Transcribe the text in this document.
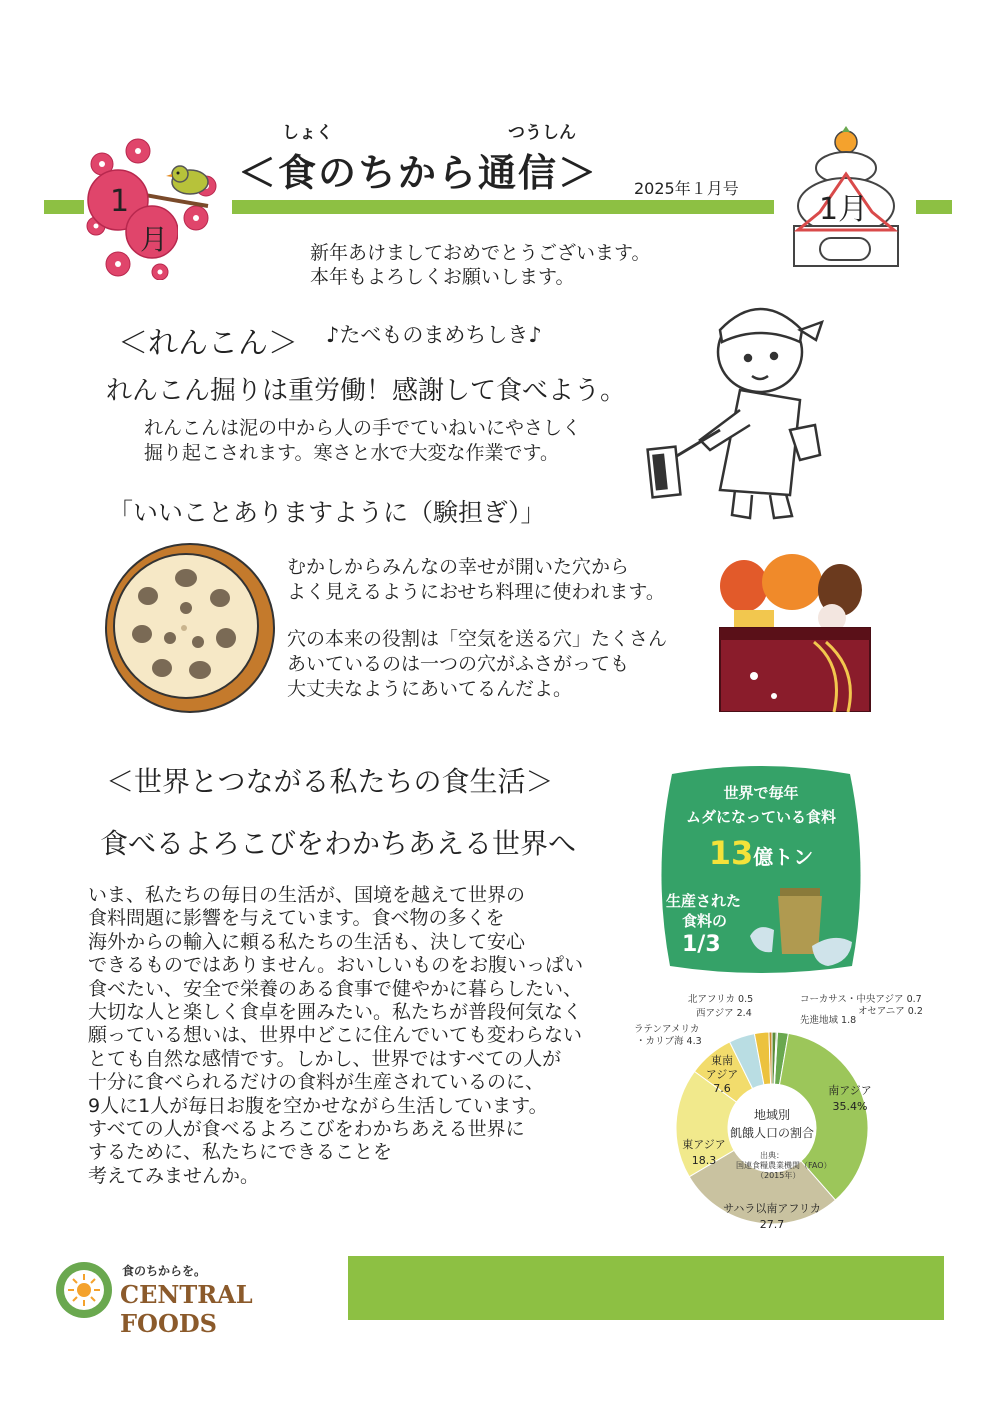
1
月
しょく	つうしん
＜食のちから通信＞ 2025年１月号
1月
新年あけましておめでとうございます。
本年もよろしくお願いします。
＜れんこん＞ ♪たべものまめちしき♪
れんこん掘りは重労働！感謝して食べよう。
れんこんは泥の中から人の手でていねいにやさしく
掘り起こされます。寒さと水で大変な作業です。
「いいことありますように（験担ぎ）」
むかしからみんなの幸せが開いた穴から
よく見えるようにおせち料理に使われます。
穴の本来の役割は「空気を送る穴」たくさん
あいているのは一つの穴がふさがっても
大丈夫なようにあいてるんだよ。
＜世界とつながる私たちの食生活＞
食べるよろこびをわかちあえる世界へ
いま、私たちの毎日の生活が、国境を越えて世界の
食料問題に影響を与えています。食べ物の多くを
海外からの輸入に頼る私たちの生活も、決して安心
できるものではありません。おいしいものをお腹いっぱい
食べたい、安全で栄養のある食事で健やかに暮らしたい、
大切な人と楽しく食卓を囲みたい。私たちが普段何気なく
願っている想いは、世界中どこに住んでいても変わらない
とても自然な感情です。しかし、世界ではすべての人が
十分に食べられるだけの食料が生産されているのに、
9人に1人が毎日お腹を空かせながら生活しています。
すべての人が食べるよろこびをわかちあえる世界に
するために、私たちにできることを
考えてみませんか。
世界で毎年
ムダになっている食料
13億トン
生産された
食料の
1/3
地域別
飢餓人口の割合
出典：
国連食糧農業機関（FAO）
（2015年）
北アフリカ 0.5
西アジア 2.4
ラテンアメリカ
・カリブ海 4.3
コーカサス・中央アジア 0.7
オセアニア 0.2
先進地域 1.8
東南
アジア
7.6
東アジア
18.3
南アジア
35.4%
サハラ以南アフリカ
27.7
食のちからを。
CENTRAL FOODS
